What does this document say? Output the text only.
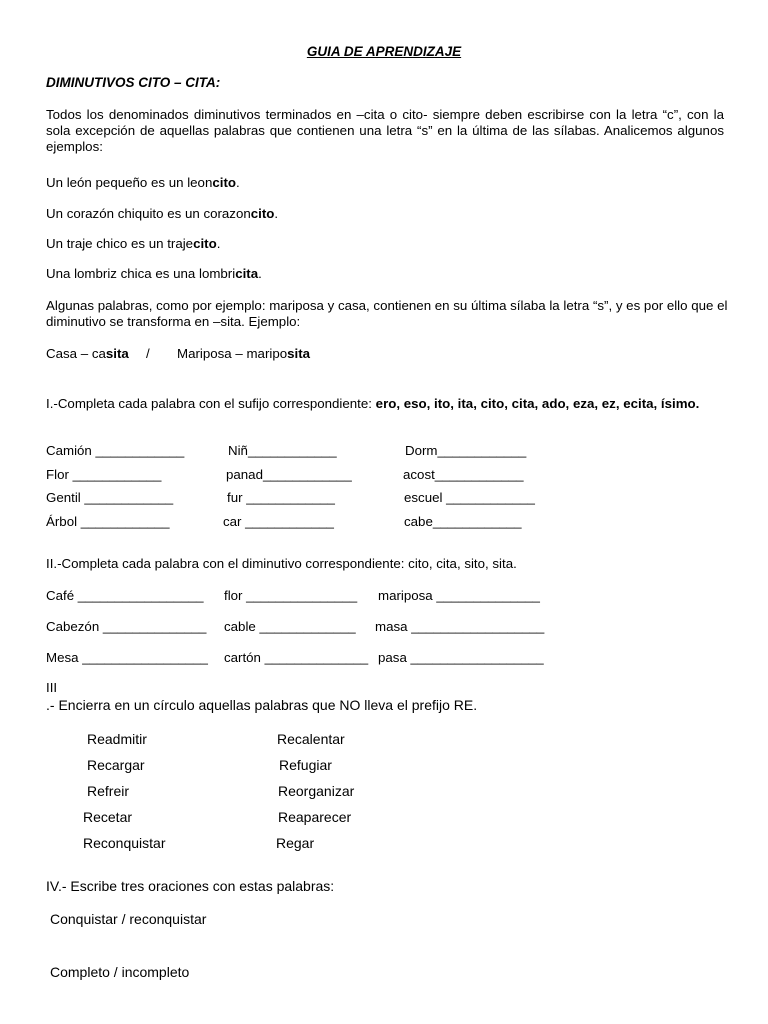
GUIA DE APRENDIZAJE
DIMINUTIVOS CITO – CITA:
Todos los denominados diminutivos terminados en –cita o cito- siempre deben escribirse con la letra “c”, con la sola excepción de aquellas palabras que contienen una letra “s” en la última de las sílabas. Analicemos algunos ejemplos:
Un león pequeño es un leoncito.
Un corazón chiquito es un corazoncito.
Un traje chico es un trajecito.
Una lombriz chica es una lombricita.
Algunas palabras, como por ejemplo: mariposa y casa, contienen en su última sílaba la letra “s”, y es por ello que el diminutivo se transforma en –sita. Ejemplo:
Casa – casita / Mariposa – mariposita
I.-Completa cada palabra con el sufijo correspondiente: ero, eso, ito, ita, cito, cita, ado, eza, ez, ecita, ísimo.
Camión ____________
Flor ____________
Gentil ____________
Árbol ____________
Niñ____________
panad____________
fur ____________
car ____________
Dorm____________
acost____________
escuel ____________
cabe____________
II.-Completa cada palabra con el diminutivo correspondiente: cito, cita, sito, sita.
Café _________________
Cabezón ______________
Mesa _________________
flor _______________
cable _____________
cartón ______________
mariposa ______________
masa __________________
pasa __________________
III
.- Encierra en un círculo aquellas palabras que NO lleva el prefijo RE.
Readmitir
Recargar
Refreir
Recetar
Reconquistar
Recalentar
Refugiar
Reorganizar
Reaparecer
Regar
IV.- Escribe tres oraciones con estas palabras:
Conquistar / reconquistar
Completo / incompleto
